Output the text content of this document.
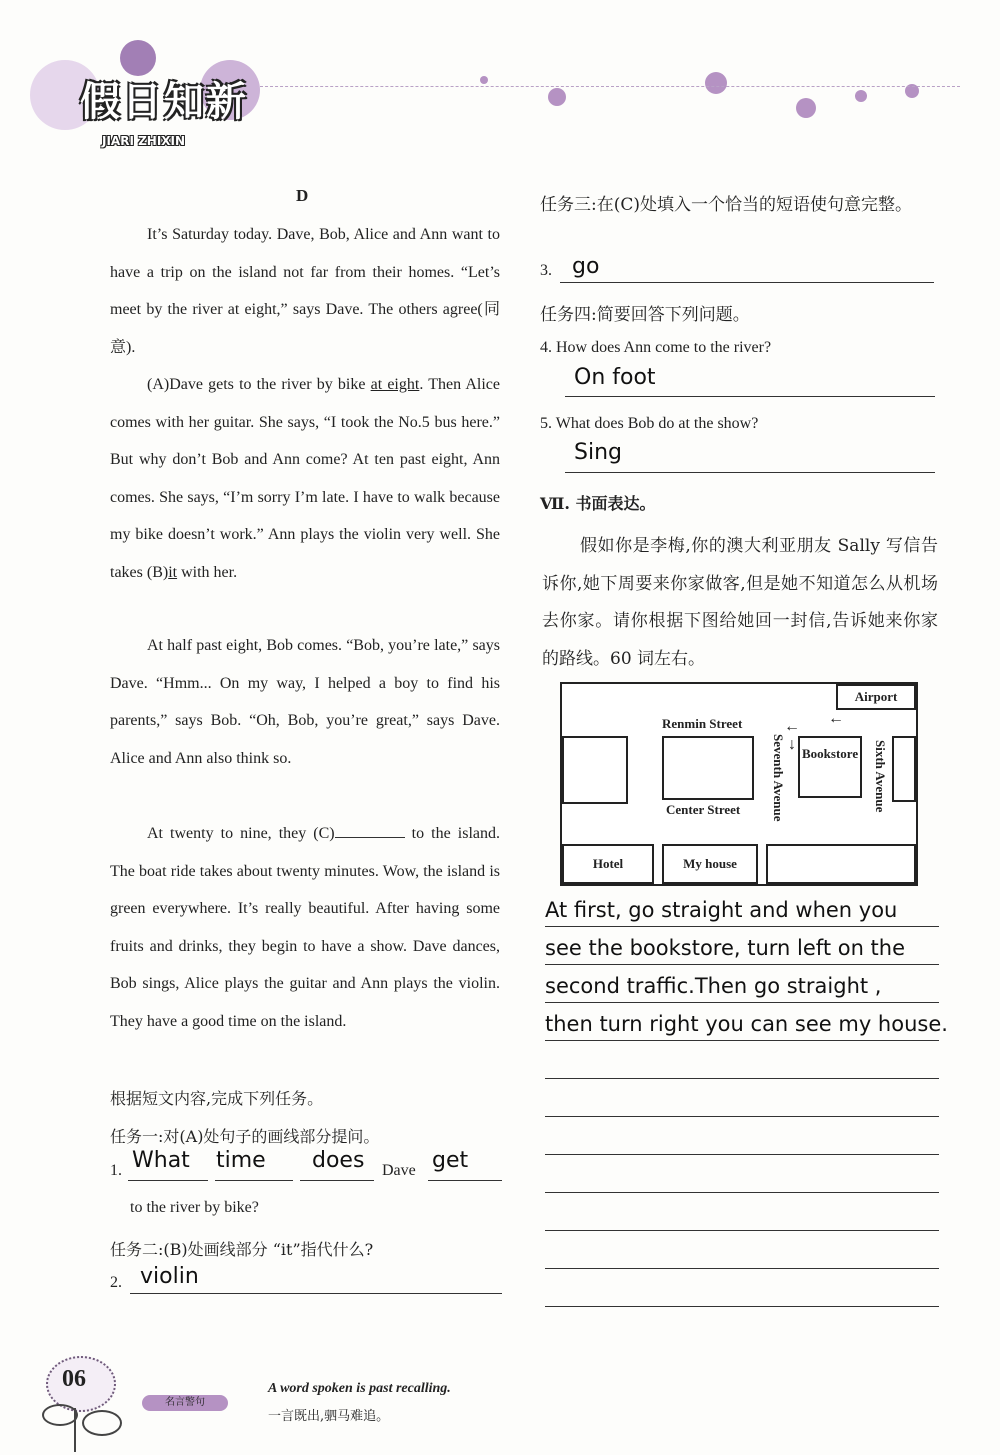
假日知新
JIARI ZHIXIN
D
It’s Saturday today. Dave, Bob, Alice and Ann want to have a trip on the island not far from their homes. “Let’s meet by the river at eight,” says Dave. The others agree(同意).
(A)Dave gets to the river by bike at eight. Then Alice comes with her guitar. She says, “I took the No.5 bus here.” But why don’t Bob and Ann come? At ten past eight, Ann comes. She says, “I’m sorry I’m late. I have to walk because my bike doesn’t work.” Ann plays the violin very well. She takes (B)it with her.
At half past eight, Bob comes. “Bob, you’re late,” says Dave. “Hmm... On my way, I helped a boy to find his parents,” says Bob. “Oh, Bob, you’re great,” says Dave. Alice and Ann also think so.
At twenty to nine, they (C)	to the island. The boat ride takes about twenty minutes. Wow, the island is green everywhere. It’s really beautiful. After having some fruits and drinks, they begin to have a show. Dave dances, Bob sings, Alice plays the guitar and Ann plays the violin. They have a good time on the island.
根据短文内容,完成下列任务。
任务一:对(A)处句子的画线部分提问。
1. What time does Dave get
to the river by bike?
任务二:(B)处画线部分 “it”指代什么?
2. violin
任务三:在(C)处填入一个恰当的短语使句意完整。
3. go
任务四:简要回答下列问题。
4. How does Ann come to the river?
On foot
5. What does Bob do at the show?
Sing
Ⅶ. 书面表达。
假如你是李梅,你的澳大利亚朋友 Sally 写信告诉你,她下周要来你家做客,但是她不知道怎么从机场去你家。请你根据下图给她回一封信,告诉她来你家的路线。60 词左右。
Airport
Renmin Street	← ←
Seventh Avenue ↓
Bookstore Sixth Avenue
Center Street
Hotel	My house
At first, go straight and when you
see the bookstore, turn left on the
second traffic.Then go straight ,
then turn right you can see my house.
06
名言警句
A word spoken is past recalling.
一言既出,驷马难追。
